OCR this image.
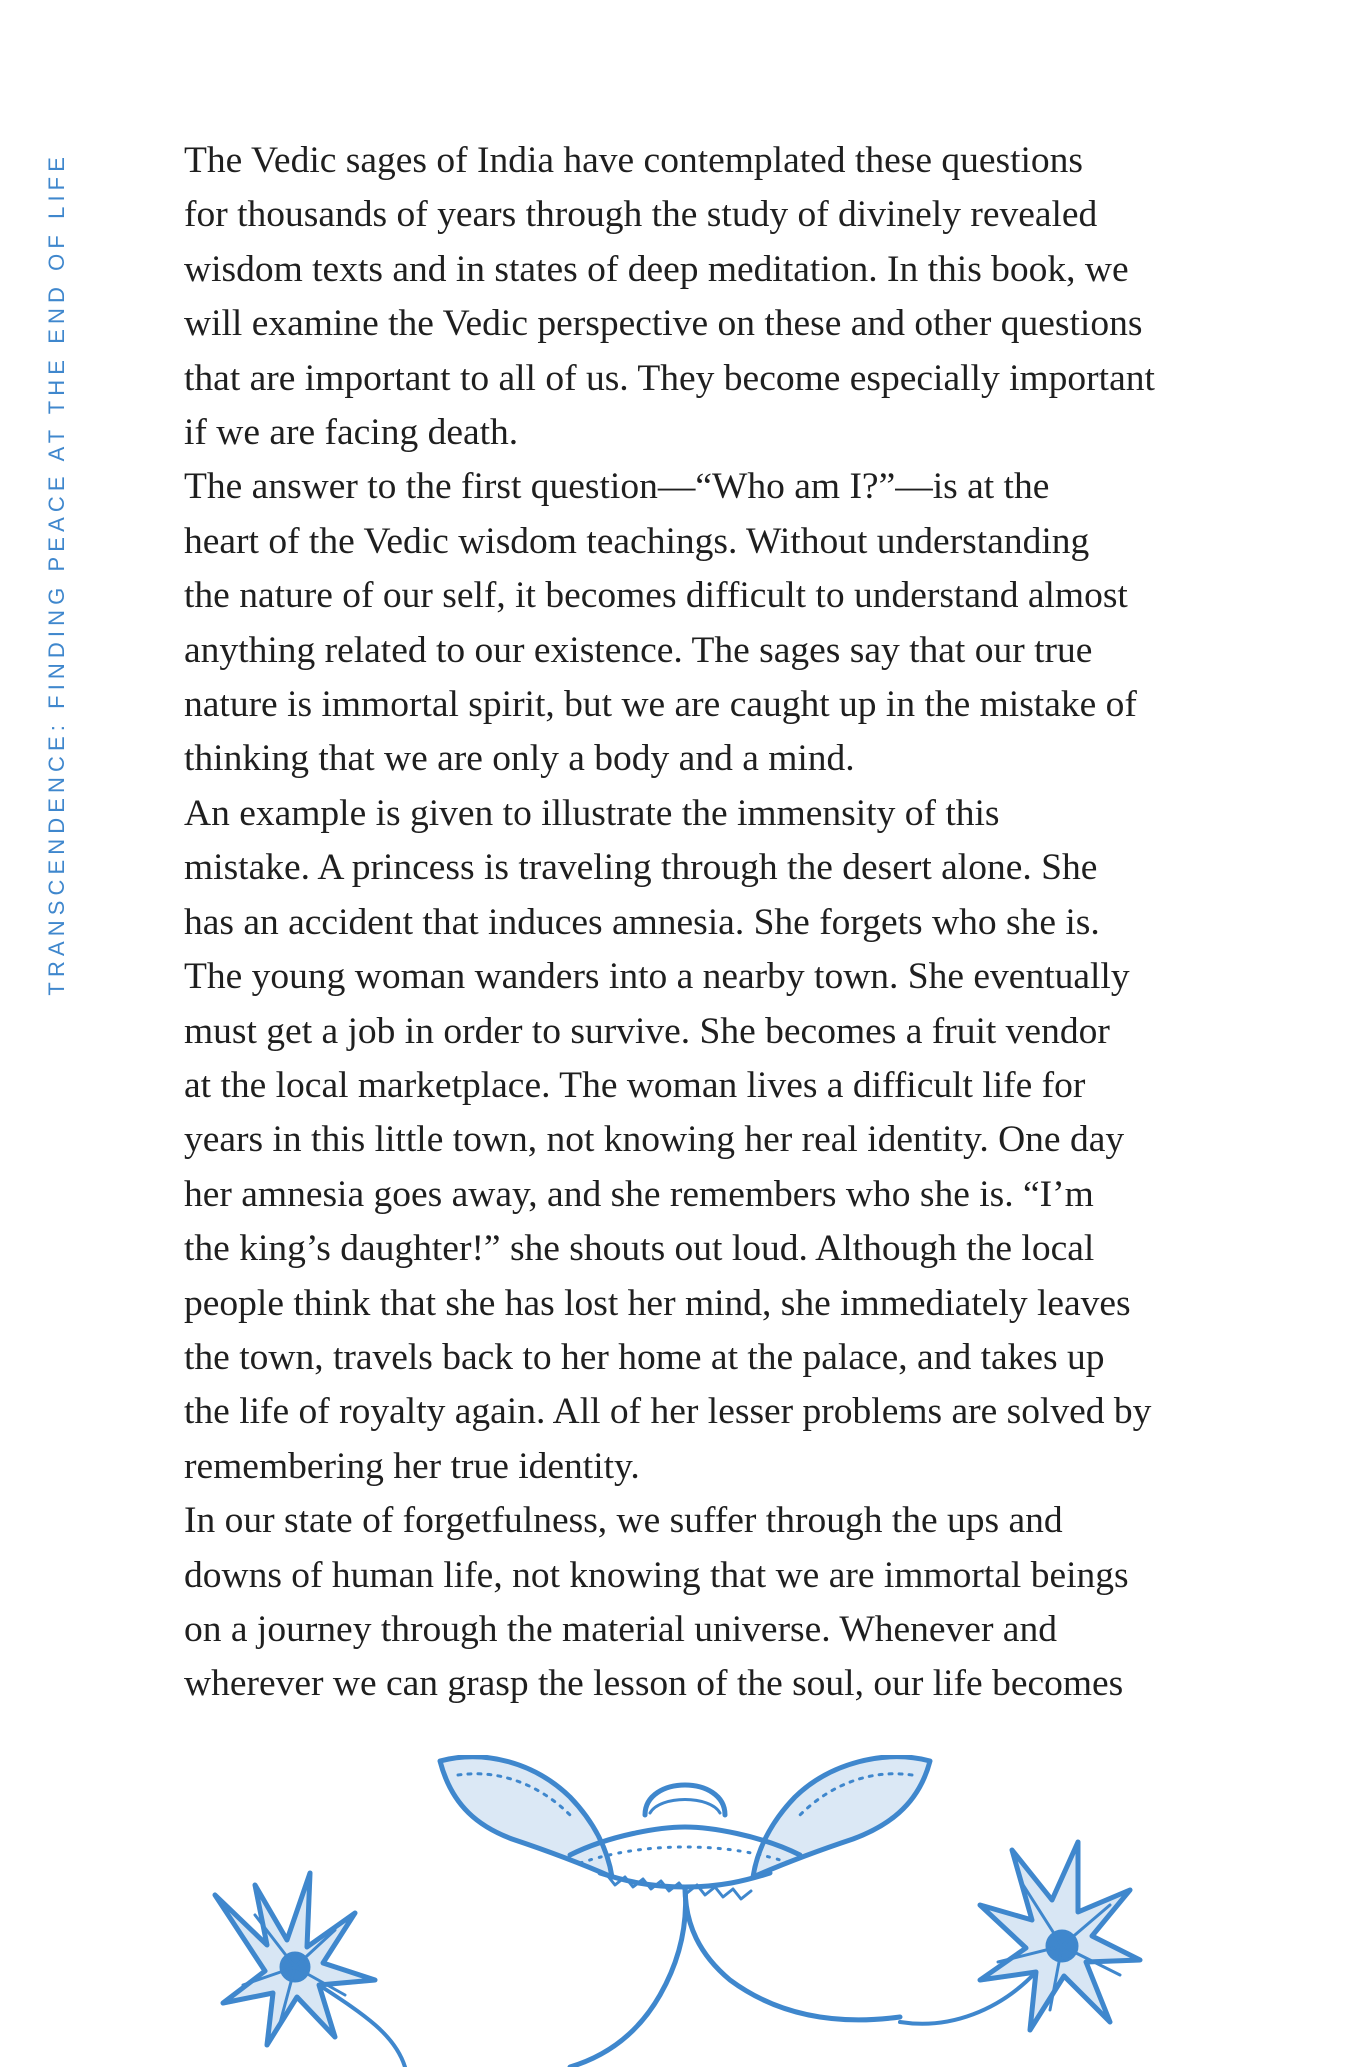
TRANSCENDENCE: FINDING PEACE AT THE END OF LIFE	The Vedic sages of India have contemplated these questions
for thousands of years through the study of divinely revealed
wisdom texts and in states of deep meditation. In this book, we
will examine the Vedic perspective on these and other questions
that are important to all of us. They become especially important
if we are facing death.

The answer to the first question—“Who am I?”—is at the
heart of the Vedic wisdom teachings. Without understanding
the nature of our self, it becomes difficult to understand almost
anything related to our existence. The sages say that our true
nature is immortal spirit, but we are caught up in the mistake of
thinking that we are only a body and a mind.

An example is given to illustrate the immensity of this
mistake. A princess is traveling through the desert alone. She
has an accident that induces amnesia. She forgets who she is.
The young woman wanders into a nearby town. She eventually
must get a job in order to survive. She becomes a fruit vendor
at the local marketplace. The woman lives a difficult life for
years in this little town, not knowing her real identity. One day
her amnesia goes away, and she remembers who she is. “I’m
the king’s daughter!” she shouts out loud. Although the local
people think that she has lost her mind, she immediately leaves
the town, travels back to her home at the palace, and takes up
the life of royalty again. All of her lesser problems are solved by
remembering her true identity.

In our state of forgetfulness, we suffer through the ups and
downs of human life, not knowing that we are immortal beings
on a journey through the material universe. Whenever and
wherever we can grasp the lesson of the soul, our life becomes
